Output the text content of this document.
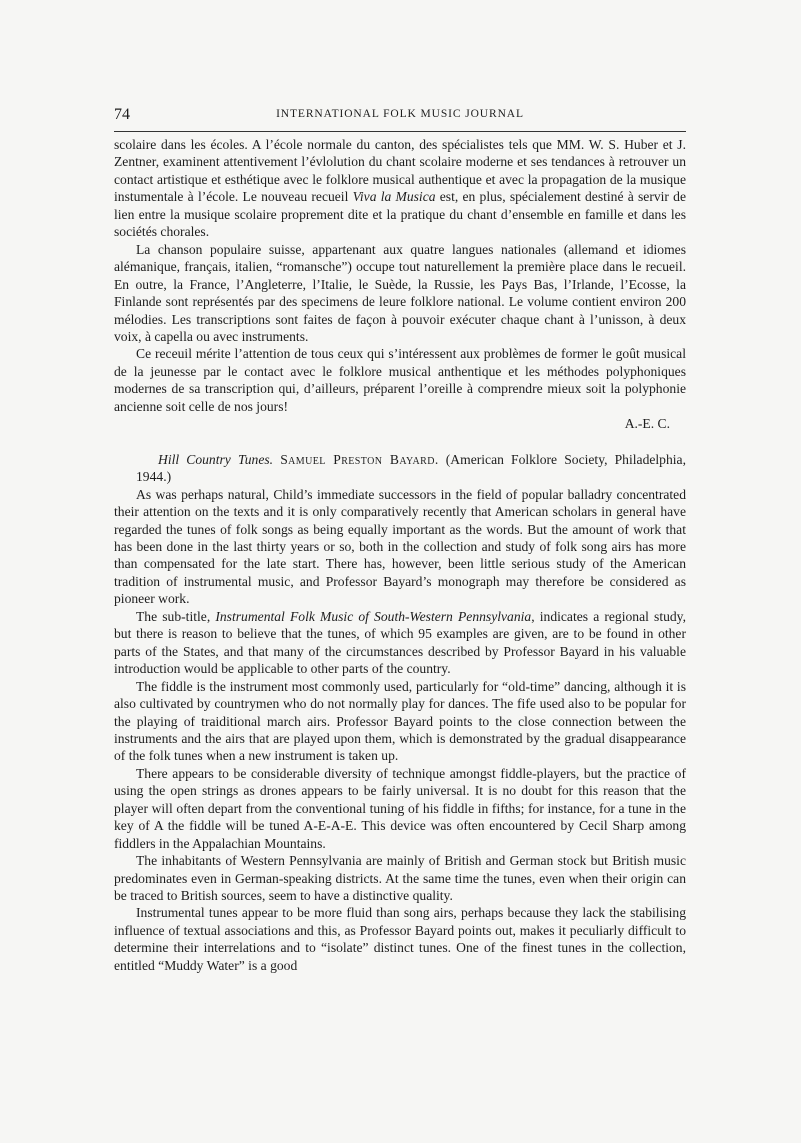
74	INTERNATIONAL FOLK MUSIC JOURNAL

scolaire dans les écoles. A l’école normale du canton, des spécialistes tels que MM. W. S. Huber et J. Zentner, examinent attentivement l’évlolution du chant scolaire moderne et ses tendances à retrouver un contact artistique et esthétique avec le folklore musical authentique et avec la propagation de la musique instumentale à l’école. Le nouveau recueil Viva la Musica est, en plus, spécialement destiné à servir de lien entre la musique scolaire proprement dite et la pratique du chant d’ensemble en famille et dans les sociétés chorales.

La chanson populaire suisse, appartenant aux quatre langues nationales (allemand et idiomes alémanique, français, italien, “romansche”) occupe tout naturellement la première place dans le recueil. En outre, la France, l’Angleterre, l’Italie, le Suède, la Russie, les Pays Bas, l’Irlande, l’Ecosse, la Finlande sont représentés par des specimens de leure folklore national. Le volume contient environ 200 mélodies. Les transcriptions sont faites de façon à pouvoir exécuter chaque chant à l’unisson, à deux voix, à capella ou avec instruments.

Ce receuil mérite l’attention de tous ceux qui s’intéressent aux problèmes de former le goût musical de la jeunesse par le contact avec le folklore musical anthentique et les méthodes polyphoniques modernes de sa transcription qui, d’ailleurs, préparent l’oreille à comprendre mieux soit la polyphonie ancienne soit celle de nos jours!

A.-E. C.

Hill Country Tunes. Samuel Preston Bayard. (American Folklore Society, Philadelphia, 1944.)

As was perhaps natural, Child’s immediate successors in the field of popular balladry concentrated their attention on the texts and it is only comparatively recently that American scholars in general have regarded the tunes of folk songs as being equally important as the words. But the amount of work that has been done in the last thirty years or so, both in the collection and study of folk song airs has more than compensated for the late start. There has, however, been little serious study of the American tradition of instrumental music, and Professor Bayard’s monograph may therefore be considered as pioneer work.

The sub-title, Instrumental Folk Music of South-Western Pennsylvania, indicates a regional study, but there is reason to believe that the tunes, of which 95 examples are given, are to be found in other parts of the States, and that many of the circumstances described by Professor Bayard in his valuable introduction would be applicable to other parts of the country.

The fiddle is the instrument most commonly used, particularly for “old-time” dancing, although it is also cultivated by countrymen who do not normally play for dances. The fife used also to be popular for the playing of traiditional march airs. Professor Bayard points to the close connection between the instruments and the airs that are played upon them, which is demonstrated by the gradual disappearance of the folk tunes when a new instrument is taken up.

There appears to be considerable diversity of technique amongst fiddle-players, but the practice of using the open strings as drones appears to be fairly universal. It is no doubt for this reason that the player will often depart from the conventional tuning of his fiddle in fifths; for instance, for a tune in the key of A the fiddle will be tuned A-E-A-E. This device was often encountered by Cecil Sharp among fiddlers in the Appalachian Mountains.

The inhabitants of Western Pennsylvania are mainly of British and German stock but British music predominates even in German-speaking districts. At the same time the tunes, even when their origin can be traced to British sources, seem to have a distinctive quality.

Instrumental tunes appear to be more fluid than song airs, perhaps because they lack the stabilising influence of textual associations and this, as Professor Bayard points out, makes it peculiarly difficult to determine their interrelations and to “isolate” distinct tunes. One of the finest tunes in the collection, entitled “Muddy Water” is a good
